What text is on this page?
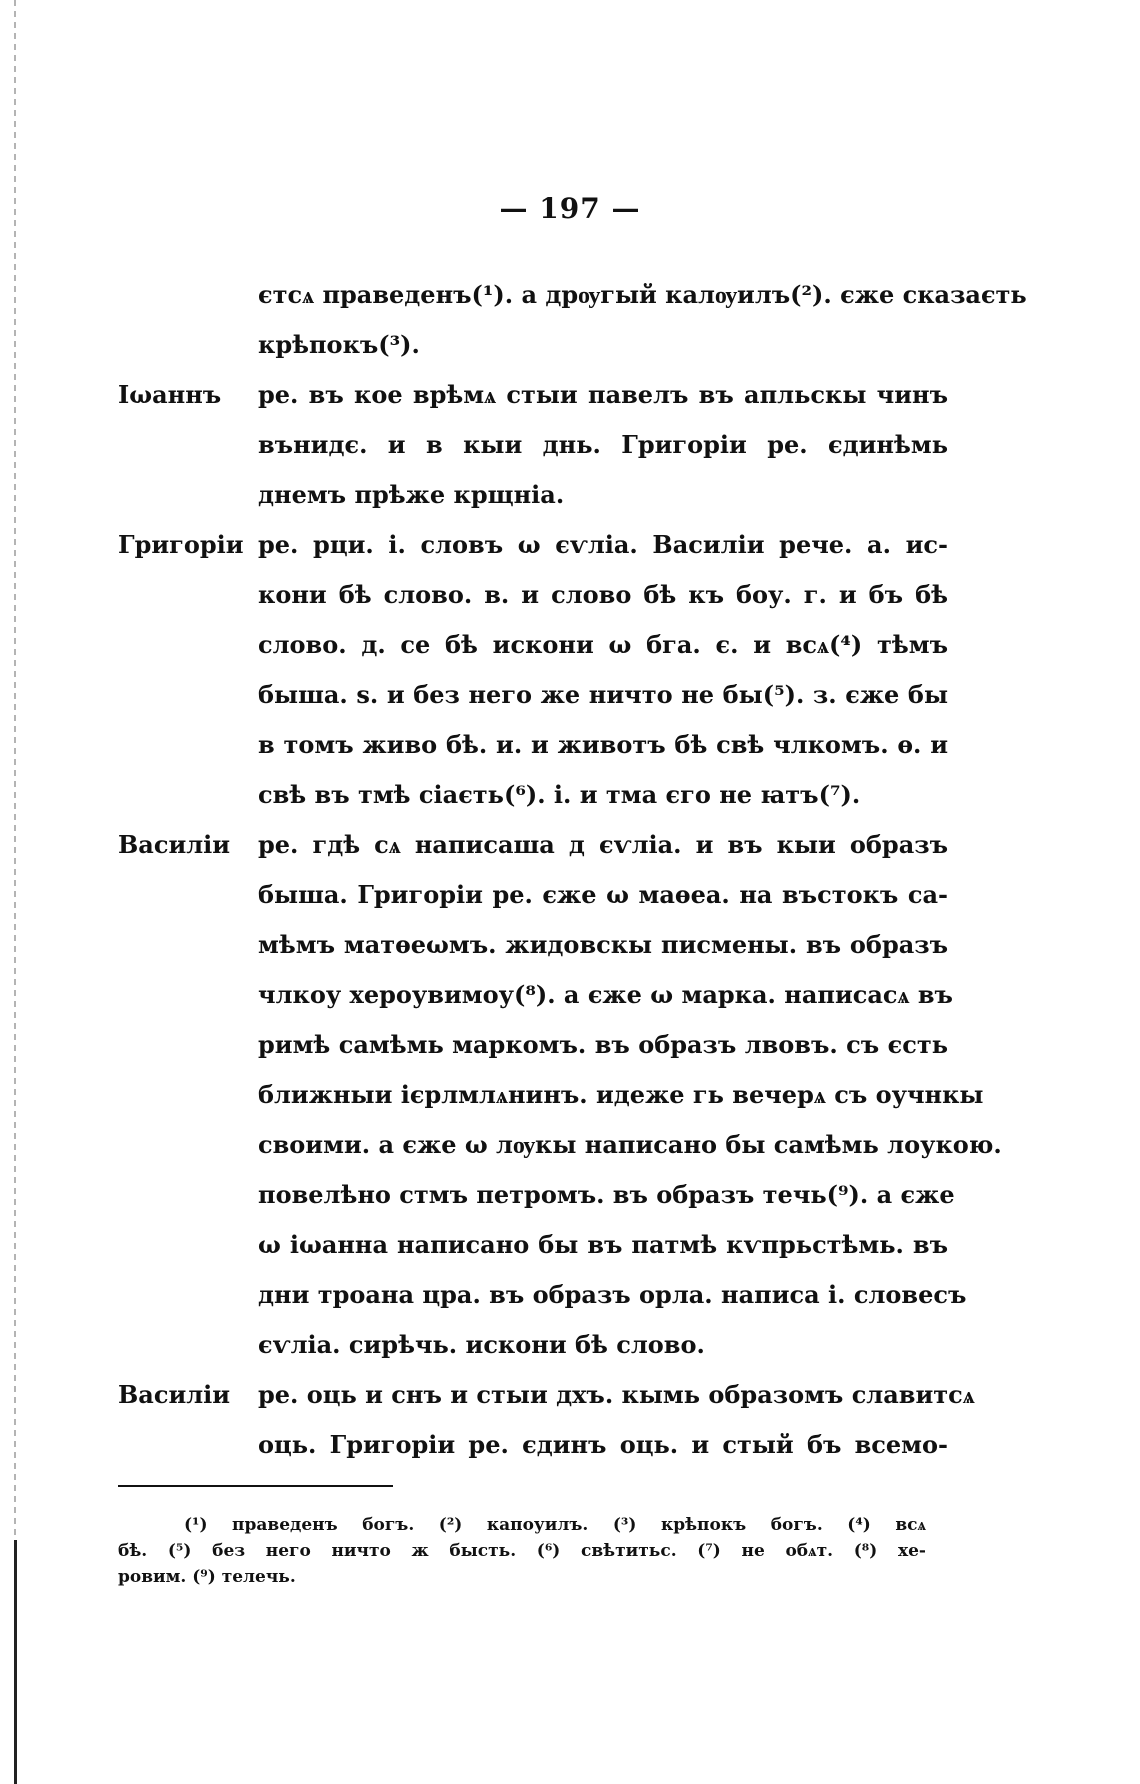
— 197 —
єтсѧ праведенъ(¹). а дрѹгый калѹилъ(²). єже сказаєть
крѣпокъ(³).
Іωаннъ ре. въ кое врѣмѧ стыи павелъ въ апльскы чинъ
вънидє. и в кыи днь. Григоріи ре. єдинѣмь
днемъ прѣже крщніа.
Григоріи ре. рци. і. словъ ω єѵліа. Василіи рече. а. ис-
кони бѣ слово. в. и слово бѣ къ боу. г. и бъ бѣ
слово. д. се бѣ искони ω бга. є. и всѧ(⁴) тѣмъ
быша. ѕ. и без него же ничто не бы(⁵). з. єже бы
в томъ живо бѣ. и. и животъ бѣ свѣ члкомъ. ѳ. и
свѣ въ тмѣ сіаєть(⁶). і. и тма єго не ꙗтъ(⁷).
Василіи ре. гдѣ сѧ написаша д єѵліа. и въ кыи образъ
быша. Григоріи ре. єже ω маѳеа. на въстокъ са-
мѣмъ матѳеωмъ. жидовскы писмены. въ образъ
члкоу хероувимоу(⁸). а єже ω марка. написасѧ въ
римѣ самѣмь маркомъ. въ образъ лвовъ. съ єсть
ближныи ієрлмлѧнинъ. идеже гь вечерѧ съ оучнкы
своими. а єже ω лѹкы написано бы самѣмь лоукою.
повелѣно стмъ петромъ. въ образъ течь(⁹). а єже
ω іωанна написано бы въ патмѣ кѵпрьстѣмь. въ
дни троана цра. въ образъ орла. написа і. словесъ
єѵліа. сирѣчь. искони бѣ слово.
Василіи ре. оць и снъ и стыи дхъ. кымь образомъ славитсѧ
оць. Григоріи ре. єдинъ оць. и стый бъ всемо-
(¹) праведенъ богъ. (²) капоуилъ. (³) крѣпокъ богъ. (⁴) всѧ
бѣ. (⁵) без него ничто ж бысть. (⁶) свѣтитьс. (⁷) не обѧт. (⁸) хе-
ровим. (⁹) телечь.
